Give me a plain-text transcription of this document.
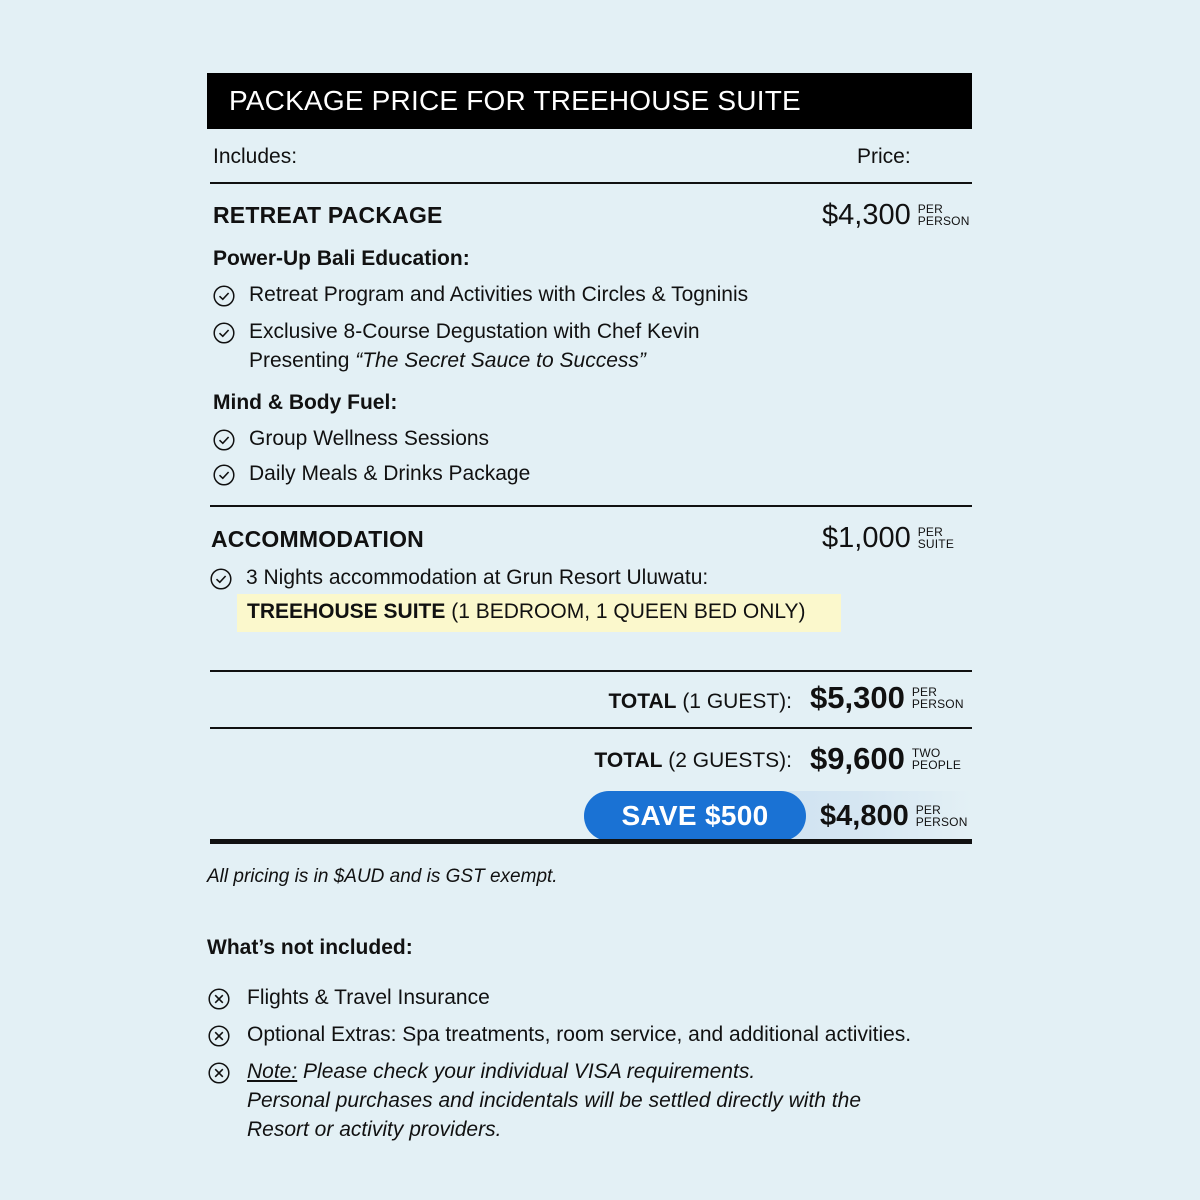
PACKAGE PRICE FOR TREEHOUSE SUITE
Includes:	Price:
RETREAT PACKAGE	$4,300 PER
PERSON
Power-Up Bali Education:
Retreat Program and Activities with Circles & Togninis
Exclusive 8-Course Degustation with Chef Kevin
Presenting “The Secret Sauce to Success”
Mind & Body Fuel:
Group Wellness Sessions
Daily Meals & Drinks Package
ACCOMMODATION	$1,000 PER
SUITE
3 Nights accommodation at Grun Resort Uluwatu:
TREEHOUSE SUITE (1 BEDROOM, 1 QUEEN BED ONLY)
TOTAL (1 GUEST): $5,300 PER
PERSON
TOTAL (2 GUESTS): $9,600 TWO
PEOPLE
SAVE $500	$4,800 PER
PERSON
All pricing is in $AUD and is GST exempt.
What’s not included:
Flights & Travel Insurance
Optional Extras: Spa treatments, room service, and additional activities.
Note: Please check your individual VISA requirements.
Personal purchases and incidentals will be settled directly with the
Resort or activity providers.
